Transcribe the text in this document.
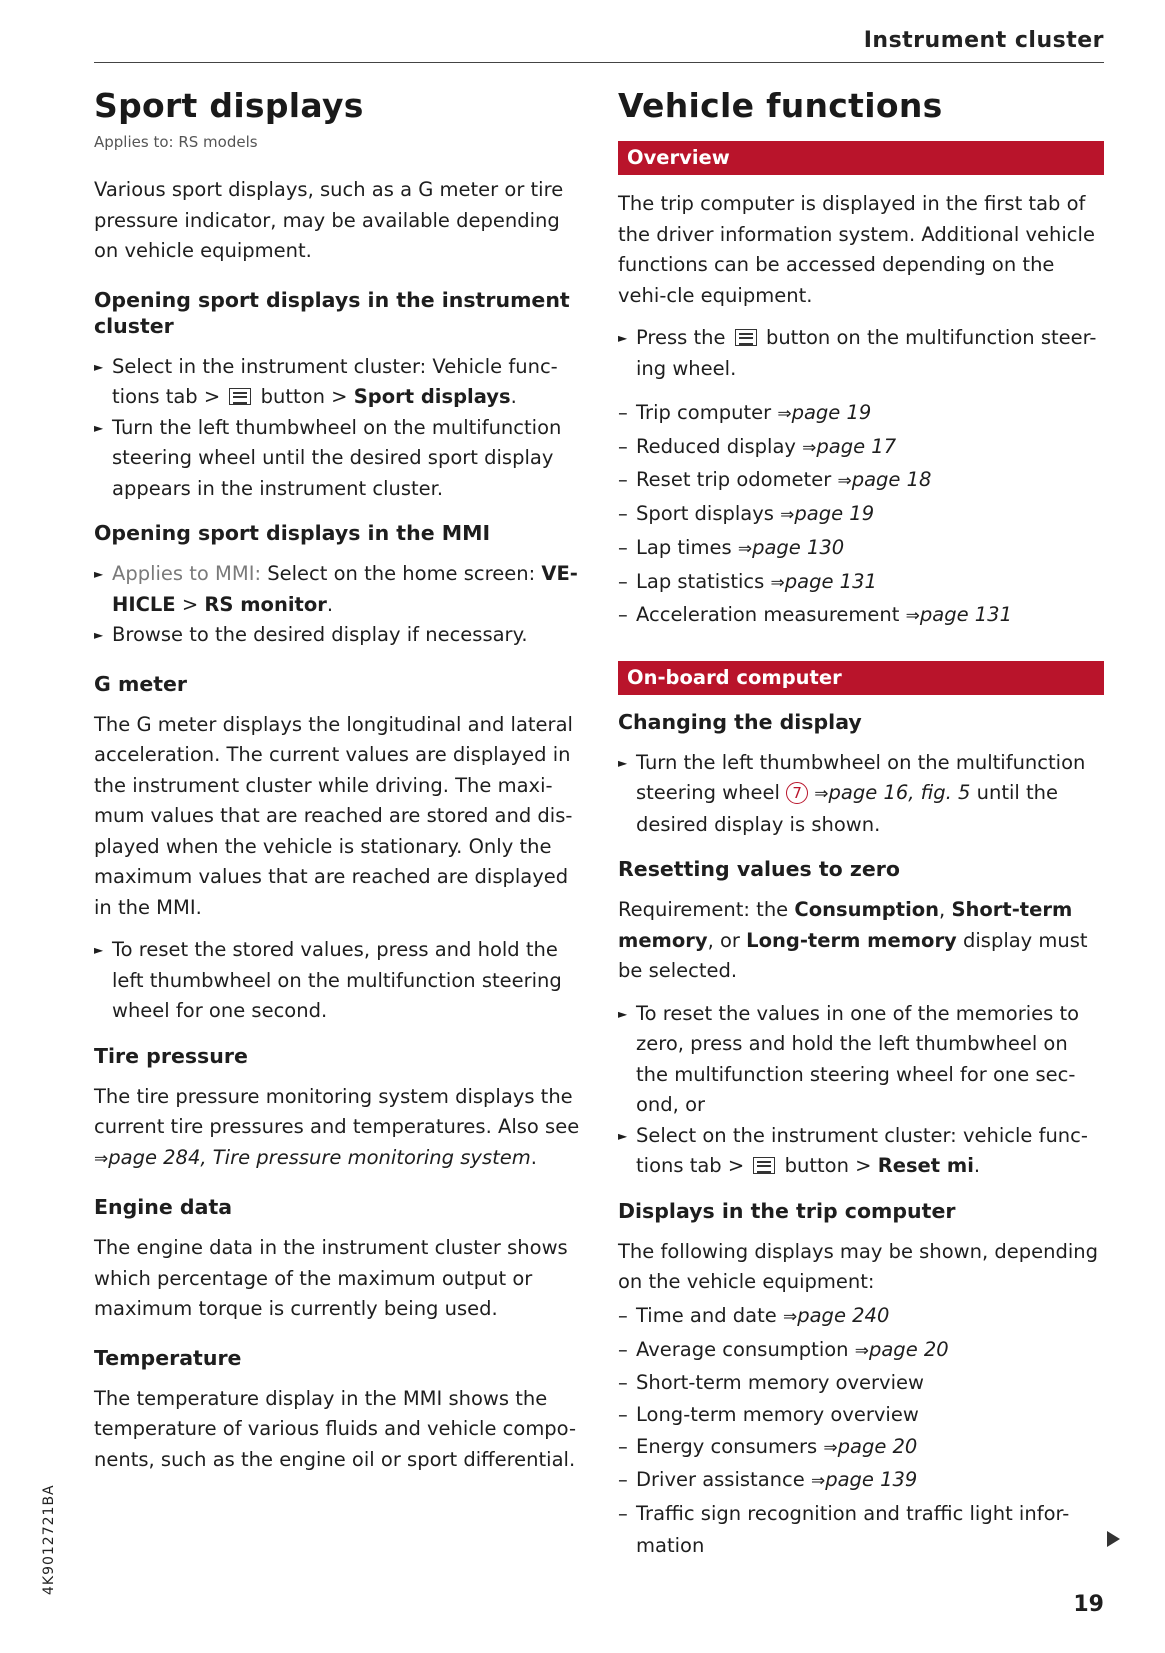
Instrument cluster
Sport displays
Applies to: RS models

Various sport displays, such as a G meter or tire pressure indicator, may be available depending on vehicle equipment.

Opening sport displays in the instrument cluster
► Select in the instrument cluster: Vehicle func-tions tab > button > Sport displays.
► Turn the left thumbwheel on the multifunction steering wheel until the desired sport display appears in the instrument cluster.
Opening sport displays in the MMI
► Applies to MMI: Select on the home screen: VE-HICLE > RS monitor.
► Browse to the desired display if necessary.
G meter

The G meter displays the longitudinal and lateral acceleration. The current values are displayed in the instrument cluster while driving. The maxi-mum values that are reached are stored and dis-played when the vehicle is stationary. Only the maximum values that are reached are displayed in the MMI.

► To reset the stored values, press and hold the left thumbwheel on the multifunction steering wheel for one second.
Tire pressure

The tire pressure monitoring system displays the current tire pressures and temperatures. Also see ⇒page 284, Tire pressure monitoring system.

Engine data

The engine data in the instrument cluster shows which percentage of the maximum output or maximum torque is currently being used.

Temperature

The temperature display in the MMI shows the temperature of various fluids and vehicle compo-nents, such as the engine oil or sport differential.

Vehicle functions
Overview

The trip computer is displayed in the first tab of the driver information system. Additional vehicle functions can be accessed depending on the vehi-cle equipment.

► Press the button on the multifunction steer-ing wheel.
– Trip computer ⇒page 19
– Reduced display ⇒page 17
– Reset trip odometer ⇒page 18
– Sport displays ⇒page 19
– Lap times ⇒page 130
– Lap statistics ⇒page 131
– Acceleration measurement ⇒page 131
On-board computer
Changing the display
► Turn the left thumbwheel on the multifunction steering wheel 7 ⇒page 16, fig. 5 until the desired display is shown.
Resetting values to zero

Requirement: the Consumption, Short-term memory, or Long-term memory display must be selected.

► To reset the values in one of the memories to zero, press and hold the left thumbwheel on the multifunction steering wheel for one sec-ond, or
► Select on the instrument cluster: vehicle func-tions tab > button > Reset mi.
Displays in the trip computer

The following displays may be shown, depending on the vehicle equipment:

– Time and date ⇒page 240
– Average consumption ⇒page 20
– Short-term memory overview
– Long-term memory overview
– Energy consumers ⇒page 20
– Driver assistance ⇒page 139
– Traffic sign recognition and traffic light infor-mation
4K9012721BA
19
